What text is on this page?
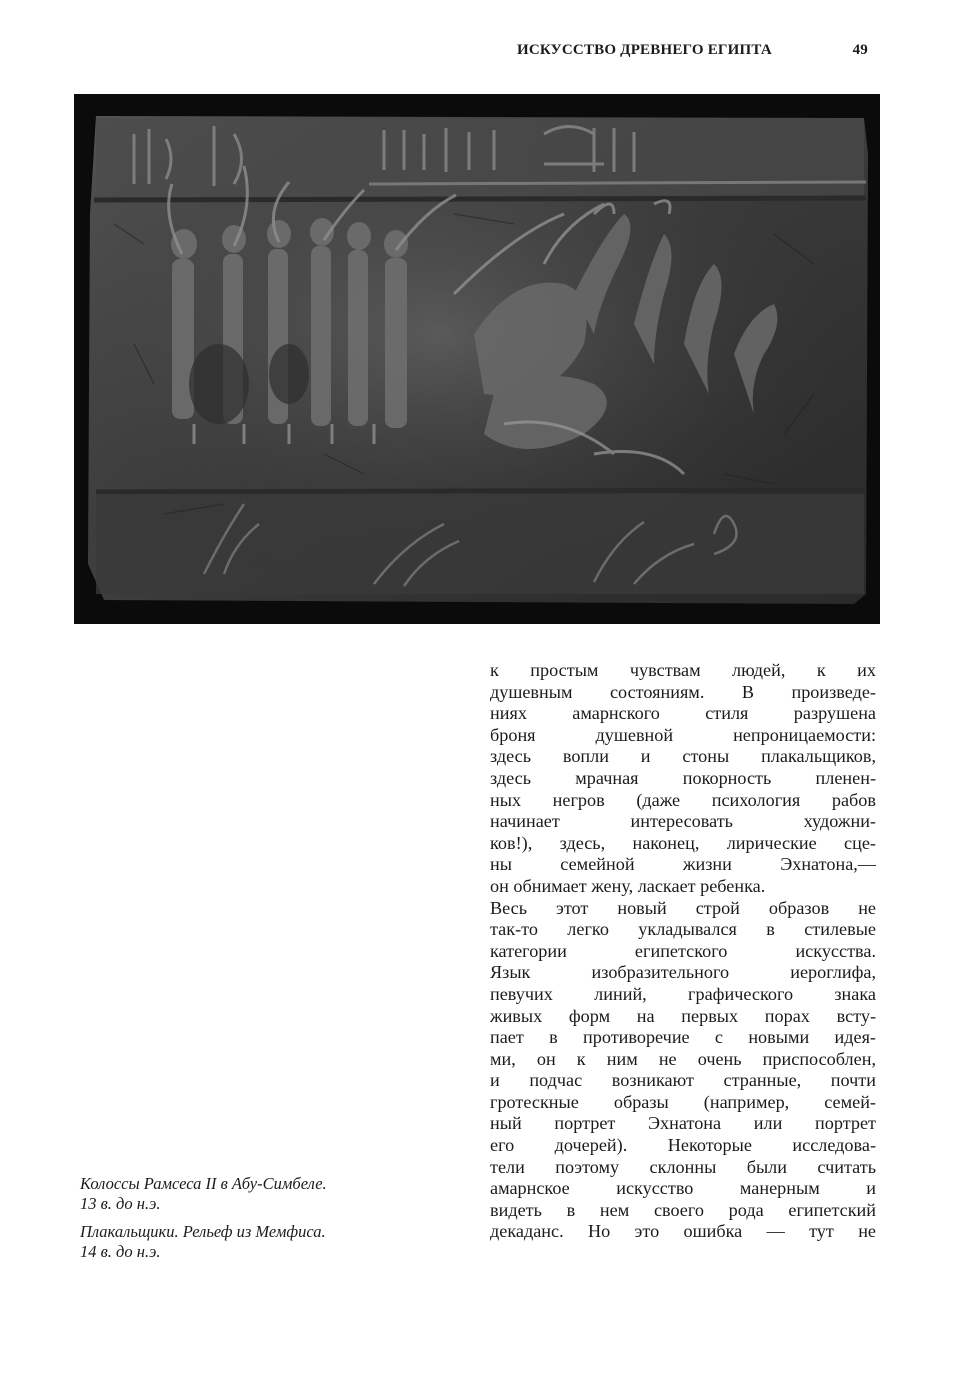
ИСКУССТВО ДРЕВНЕГО ЕГИПТА	49
к простым чувствам людей, к их
душевным состояниям. В произведе-
ниях амарнского стиля разрушена
броня душевной непроницаемости:
здесь вопли и стоны плакальщиков,
здесь мрачная покорность пленен-
ных негров (даже психология рабов
начинает интересовать художни-
ков!), здесь, наконец, лирические сце-
ны семейной жизни Эхнатона,—
он обнимает жену, ласкает ребенка.
Весь этот новый строй образов не
так-то легко укладывался в стилевые
категории египетского искусства.
Язык изобразительного иероглифа,
певучих линий, графического знака
живых форм на первых порах всту-
пает в противоречие с новыми идея-
ми, он к ним не очень приспособлен,
и подчас возникают странные, почти
гротескные образы (например, семей-
ный портрет Эхнатона или портрет
его дочерей). Некоторые исследова-
тели поэтому склонны были считать
амарнское искусство манерным и
видеть в нем своего рода египетский
декаданс. Но это ошибка — тут не
Колоссы Рамсеса II в Абу-Симбеле.
13 в. до н.э.
Плакальщики. Рельеф из Мемфиса.
14 в. до н.э.
